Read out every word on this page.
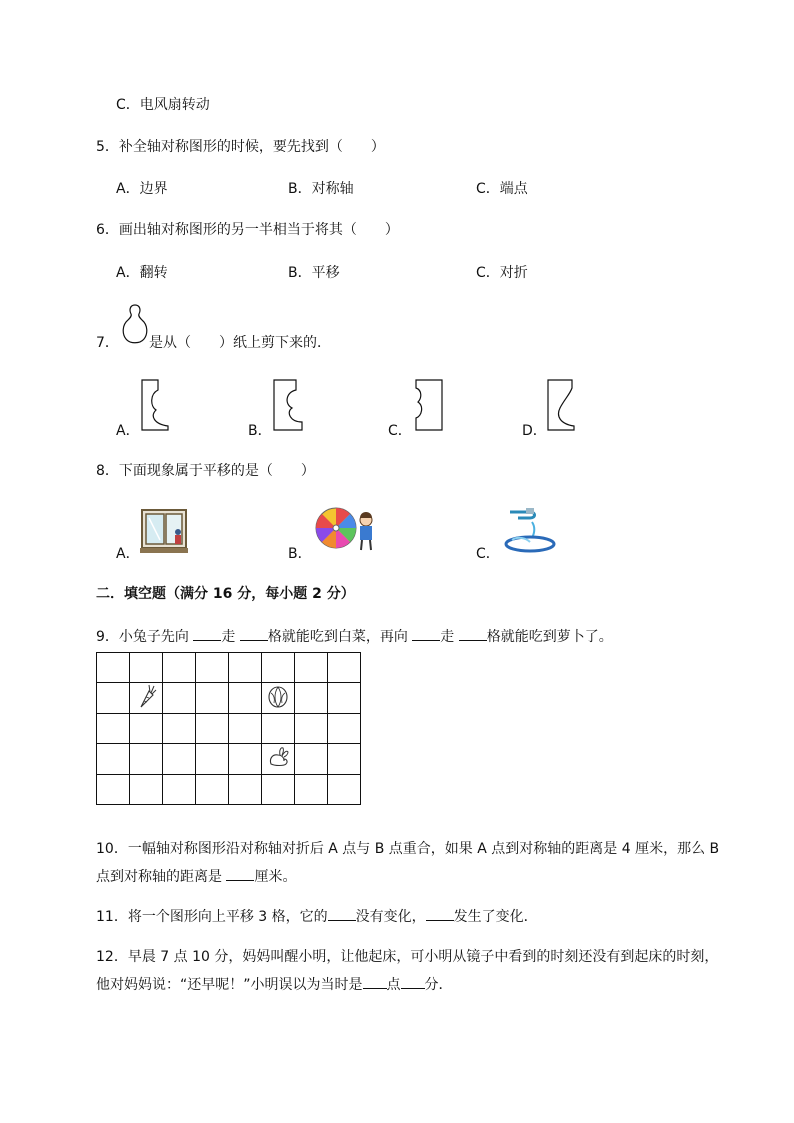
C．电风扇转动
5．补全轴对称图形的时候，要先找到（　　）
A．边界	B．对称轴	C．端点
6．画出轴对称图形的另一半相当于将其（　　）
A．翻转	B．平移	C．对折
7． 是从（　　）纸上剪下来的．
A．	B．	C．	D．
8．下面现象属于平移的是（　　）
A．	B．	C．
二．填空题（满分 16 分，每小题 2 分）
9．小兔子先向 走 格就能吃到白菜，再向 走 格就能吃到萝卜了。

10．一幅轴对称图形沿对称轴对折后 A 点与 B 点重合，如果 A 点到对称轴的距离是 4 厘米，那么 B
点到对称轴的距离是 厘米。
11．将一个图形向上平移 3 格，它的 没有变化， 发生了变化．
12．早晨 7 点 10 分，妈妈叫醒小明，让他起床，可小明从镜子中看到的时刻还没有到起床的时刻，
他对妈妈说：“还早呢！”小明误以为当时是 点 分．
